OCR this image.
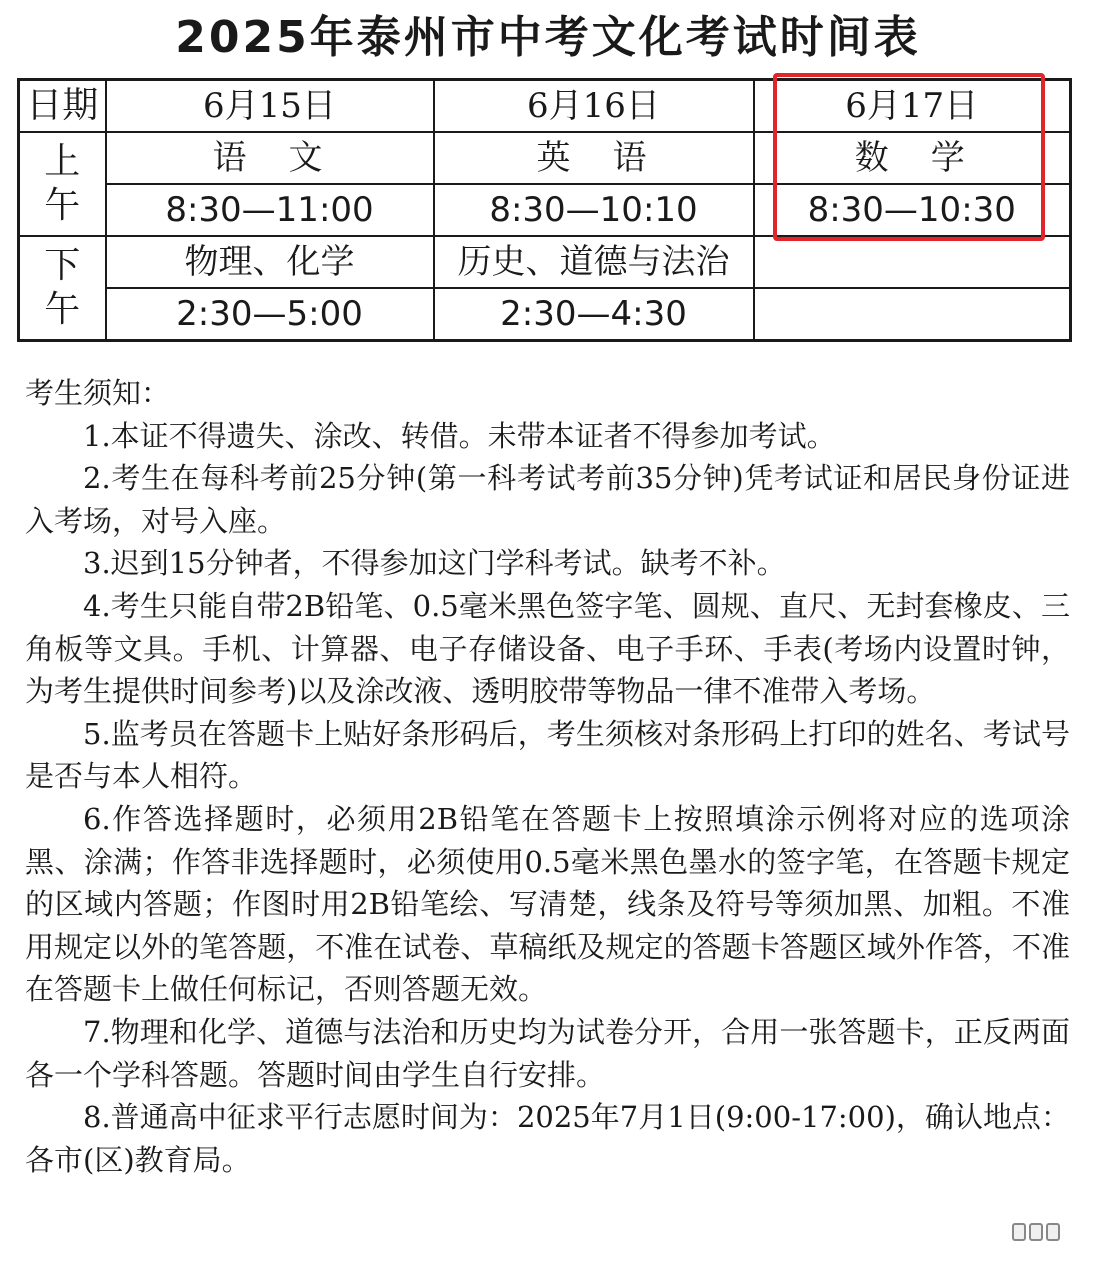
2025年泰州市中考文化考试时间表
日期	6月15日	6月16日	6月17日

上
午	语　文	英　语	数　学
	8:30—11:00	8:30—10:10	8:30—10:30

下
午	物理、化学	历史、道德与法治	
	2:30—5:00	2:30—4:30	
考生须知：

1.本证不得遗失、涂改、转借。未带本证者不得参加考试。

2.考生在每科考前25分钟(第一科考试考前35分钟)凭考试证和居民身份证进入考场，对号入座。

3.迟到15分钟者，不得参加这门学科考试。缺考不补。

4.考生只能自带2B铅笔、0.5毫米黑色签字笔、圆规、直尺、无封套橡皮、三角板等文具。手机、计算器、电子存储设备、电子手环、手表(考场内设置时钟，为考生提供时间参考)以及涂改液、透明胶带等物品一律不准带入考场。

5.监考员在答题卡上贴好条形码后，考生须核对条形码上打印的姓名、考试号是否与本人相符。

6.作答选择题时，必须用2B铅笔在答题卡上按照填涂示例将对应的选项涂黑、涂满；作答非选择题时，必须使用0.5毫米黑色墨水的签字笔，在答题卡规定的区域内答题；作图时用2B铅笔绘、写清楚，线条及符号等须加黑、加粗。不准用规定以外的笔答题，不准在试卷、草稿纸及规定的答题卡答题区域外作答，不准在答题卡上做任何标记，否则答题无效。

7.物理和化学、道德与法治和历史均为试卷分开，合用一张答题卡，正反两面各一个学科答题。答题时间由学生自行安排。

8.普通高中征求平行志愿时间为：2025年7月1日(9:00-17:00)，确认地点：各市(区)教育局。
